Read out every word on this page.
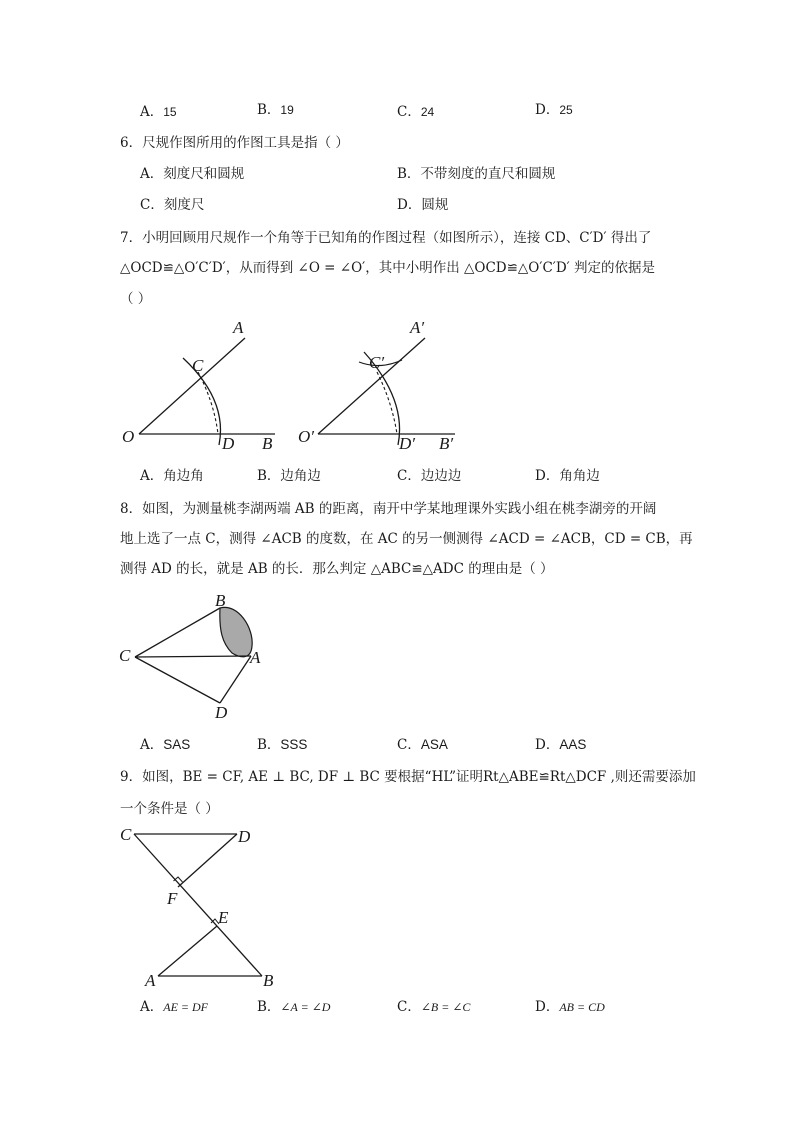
A．15	B．19	C．24	D．25
6．尺规作图所用的作图工具是指（ ）
A．刻度尺和圆规	B．不带刻度的直尺和圆规
C．刻度尺	D．圆规
7．小明回顾用尺规作一个角等于已知角的作图过程（如图所示），连接 CD、C′D′ 得出了
△OCD≌△O′C′D′，从而得到 ∠O = ∠O′，其中小明作出 △OCD≌△O′C′D′ 判定的依据是
（ ）
A
C
O	D B
A′
C′
O′	D′ B′
A．角边角	B．边角边	C．边边边	D．角角边
8．如图，为测量桃李湖两端 AB 的距离，南开中学某地理课外实践小组在桃李湖旁的开阔
地上选了一点 C，测得 ∠ACB 的度数，在 AC 的另一侧测得 ∠ACD = ∠ACB，CD = CB，再
测得 AD 的长，就是 AB 的长．那么判定 △ABC≌△ADC 的理由是（ ）
B
C	A
D
A．SAS	B．SSS	C．ASA	D．AAS
9．如图，BE = CF, AE ⊥ BC, DF ⊥ BC 要根据“HL”证明Rt△ABE≌Rt△DCF ,则还需要添加
一个条件是（ ）
C	D
F
E
A	B
A．AE = DF	B．∠A = ∠D	C．∠B = ∠C	D．AB = CD
